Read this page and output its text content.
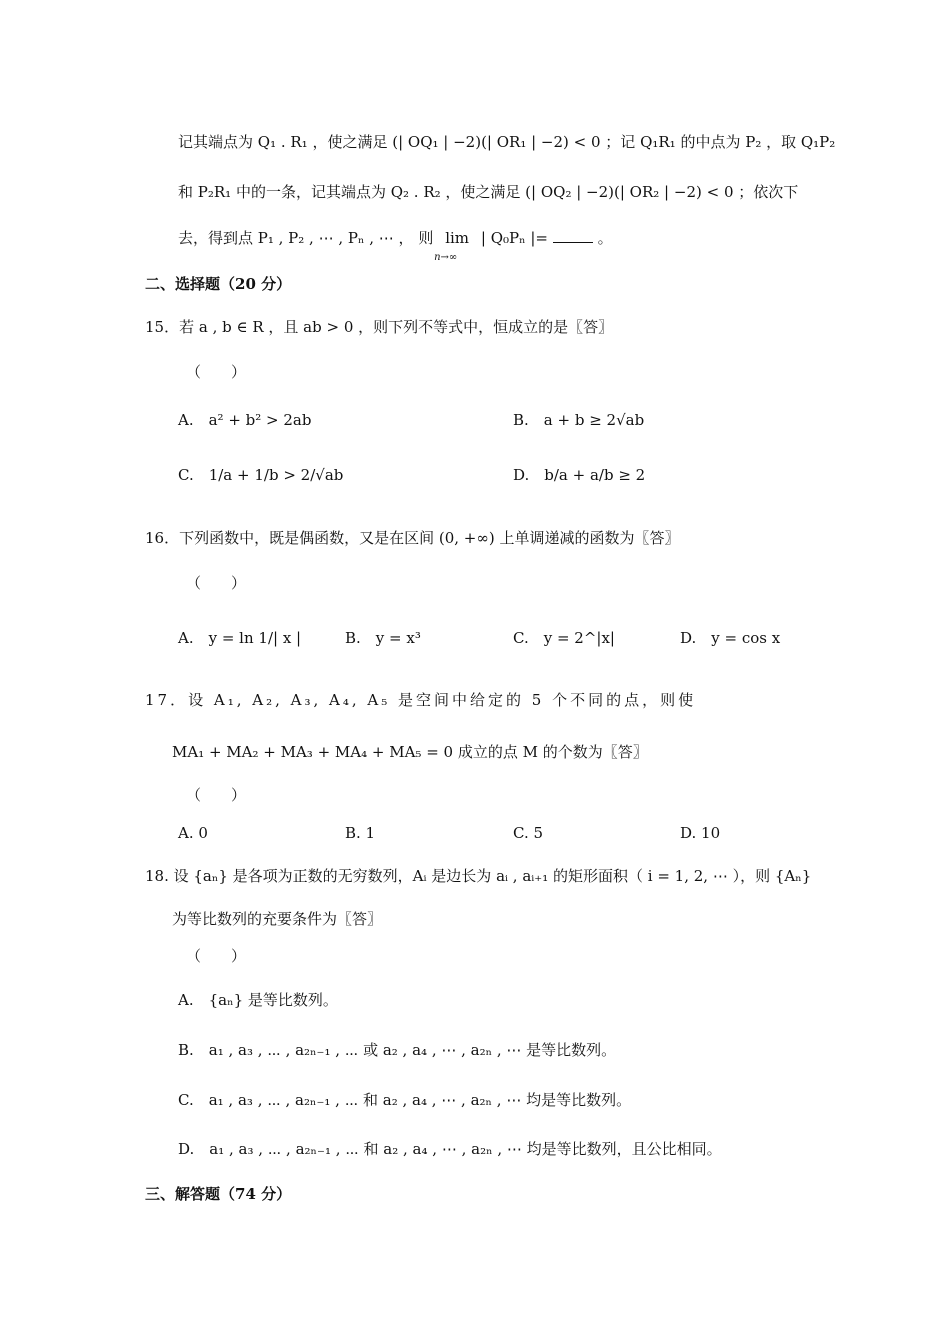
记其端点为 Q₁ . R₁ ，使之满足 (| OQ₁ | −2)(| OR₁ | −2) < 0 ；记 Q₁R₁ 的中点为 P₂ ，取 Q₁P₂
和 P₂R₁ 中的一条，记其端点为 Q₂ . R₂ ，使之满足 (| OQ₂ | −2)(| OR₂ | −2) < 0 ；依次下
去，得到点 P₁ , P₂ , ⋯ , Pₙ , ⋯ ， 则 lim
n→∞
| Q₀Pₙ |=	。
二、选择题（20 分）
15．若 a , b ∈ R ，且 ab > 0 ，则下列不等式中，恒成立的是〖答〗
（　　）
A.　a² + b² > 2ab	B.　a + b ≥ 2√ab
C.　1/a + 1/b > 2/√ab	D.　b/a + a/b ≥ 2
16．下列函数中，既是偶函数，又是在区间 (0, +∞) 上单调递减的函数为〖答〗
（　　）
A.　y = ln 1/| x |	B.　y = x³	C.　y = 2^|x|	D.　y = cos x
17．设 A₁, A₂, A₃, A₄, A₅ 是空间中给定的 5 个不同的点，则使
MA₁ + MA₂ + MA₃ + MA₄ + MA₅ = 0 成立的点 M 的个数为〖答〗
（　　）
A. 0	B. 1	C. 5	D. 10
18. 设 {aₙ} 是各项为正数的无穷数列，Aᵢ 是边长为 aᵢ , aᵢ₊₁ 的矩形面积（ i = 1, 2, ⋯ ），则 {Aₙ}
为等比数列的充要条件为〖答〗
（　　）
A.　{aₙ} 是等比数列。
B.　a₁ , a₃ , ⋯ , a₂ₙ₋₁ , ⋯ 或 a₂ , a₄ , ⋯ , a₂ₙ , ⋯ 是等比数列。
C.　a₁ , a₃ , ⋯ , a₂ₙ₋₁ , ⋯ 和 a₂ , a₄ , ⋯ , a₂ₙ , ⋯ 均是等比数列。
D.　a₁ , a₃ , ⋯ , a₂ₙ₋₁ , ⋯ 和 a₂ , a₄ , ⋯ , a₂ₙ , ⋯ 均是等比数列，且公比相同。
三、解答题（74 分）
